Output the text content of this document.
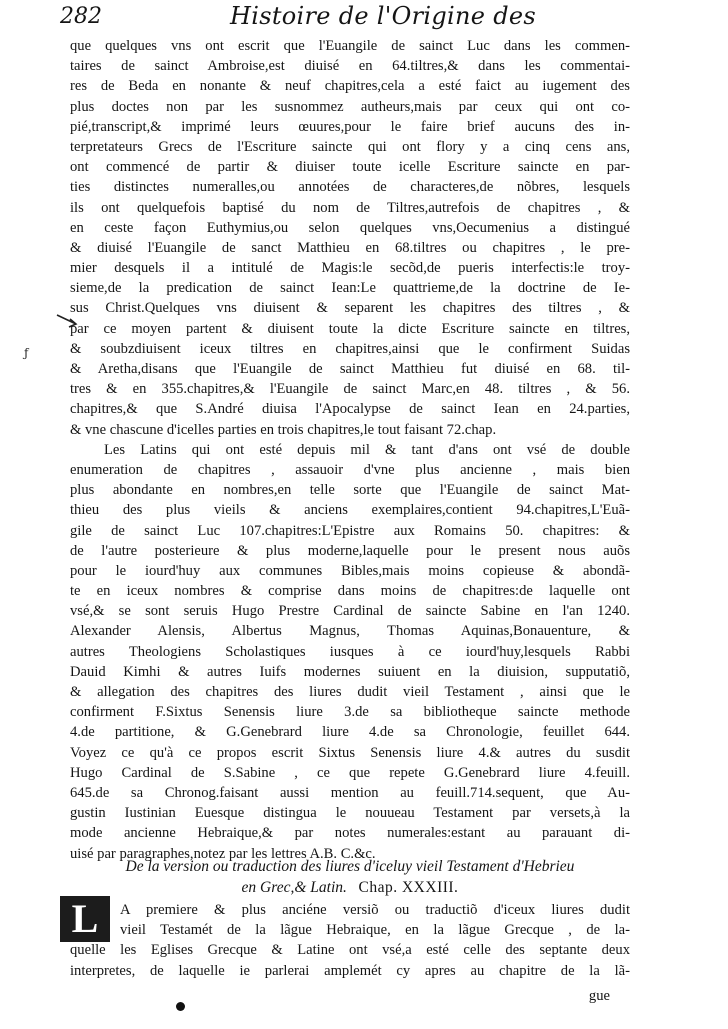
282	Histoire de l'Origine des
ƒ
que quelques vns ont escrit que l'Euangile de sainct Luc dans les commen-
taires de sainct Ambroise,est diuisé en 64.tiltres,& dans les commentai-
res de Beda en nonante & neuf chapitres,cela a esté faict au iugement des
plus doctes non par les susnommez autheurs,mais par ceux qui ont co-
pié,transcript,& imprimé leurs œuures,pour le faire brief aucuns des in-
terpretateurs Grecs de l'Escriture saincte qui ont flory y a cinq cens ans,
ont commencé de partir & diuiser toute icelle Escriture saincte en par-
ties distinctes numeralles,ou annotées de characteres,de nõbres, lesquels
ils ont quelquefois baptisé du nom de Tiltres,autrefois de chapitres , &
en ceste façon Euthymius,ou selon quelques vns,Oecumenius a distingué
& diuisé l'Euangile de sanct Matthieu en 68.tiltres ou chapitres , le pre-
mier desquels il a intitulé de Magis:le secõd,de pueris interfectis:le troy-
sieme,de la predication de sainct Iean:Le quattrieme,de la doctrine de Ie-
sus Christ.Quelques vns diuisent & separent les chapitres des tiltres , &
par ce moyen partent & diuisent toute la dicte Escriture saincte en tiltres,
& soubzdiuisent iceux tiltres en chapitres,ainsi que le confirment Suidas
& Aretha,disans que l'Euangile de sainct Matthieu fut diuisé en 68. til-
tres & en 355.chapitres,& l'Euangile de sainct Marc,en 48. tiltres , & 56.
chapitres,& que S.André diuisa l'Apocalypse de sainct Iean en 24.parties,
& vne chascune d'icelles parties en trois chapitres,le tout faisant 72.chap.
Les Latins qui ont esté depuis mil & tant d'ans ont vsé de double
enumeration de chapitres , assauoir d'vne plus ancienne , mais bien
plus abondante en nombres,en telle sorte que l'Euangile de sainct Mat-
thieu des plus vieils & anciens exemplaires,contient 94.chapitres,L'Euã-
gile de sainct Luc 107.chapitres:L'Epistre aux Romains 50. chapitres: &
de l'autre posterieure & plus moderne,laquelle pour le present nous auõs
pour le iourd'huy aux communes Bibles,mais moins copieuse & abondã-
te en iceux nombres & comprise dans moins de chapitres:de laquelle ont
vsé,& se sont seruis Hugo Prestre Cardinal de saincte Sabine en l'an 1240.
Alexander Alensis, Albertus Magnus, Thomas Aquinas,Bonauenture, &
autres Theologiens Scholastiques iusques à ce iourd'huy,lesquels Rabbi
Dauid Kimhi & autres Iuifs modernes suiuent en la diuision, supputatiõ,
& allegation des chapitres des liures dudit vieil Testament , ainsi que le
confirment F.Sixtus Senensis liure 3.de sa bibliotheque saincte methode
4.de partitione, & G.Genebrard liure 4.de sa Chronologie, feuillet 644.
Voyez ce qu'à ce propos escrit Sixtus Senensis liure 4.& autres du susdit
Hugo Cardinal de S.Sabine , ce que repete G.Genebrard liure 4.feuill.
645.de sa Chronog.faisant aussi mention au feuill.714.sequent, que Au-
gustin Iustinian Euesque distingua le nouueau Testament par versets,à la
mode ancienne Hebraique,& par notes numerales:estant au parauant di-
uisé par paragraphes,notez par les lettres A.B. C.&c.
De la version ou traduction des liures d'iceluy vieil Testament d'Hebrieu
en Grec,& Latin. Chap. XXXIII.
L	A premiere & plus anciéne versiõ ou traductiõ d'iceux liures dudit
vieil Testamét de la lãgue Hebraique, en la lãgue Grecque , de la-
quelle les Eglises Grecque & Latine ont vsé,a esté celle des septante deux
interpretes, de laquelle ie parlerai amplemét cy apres au chapitre de la lã-
gue
